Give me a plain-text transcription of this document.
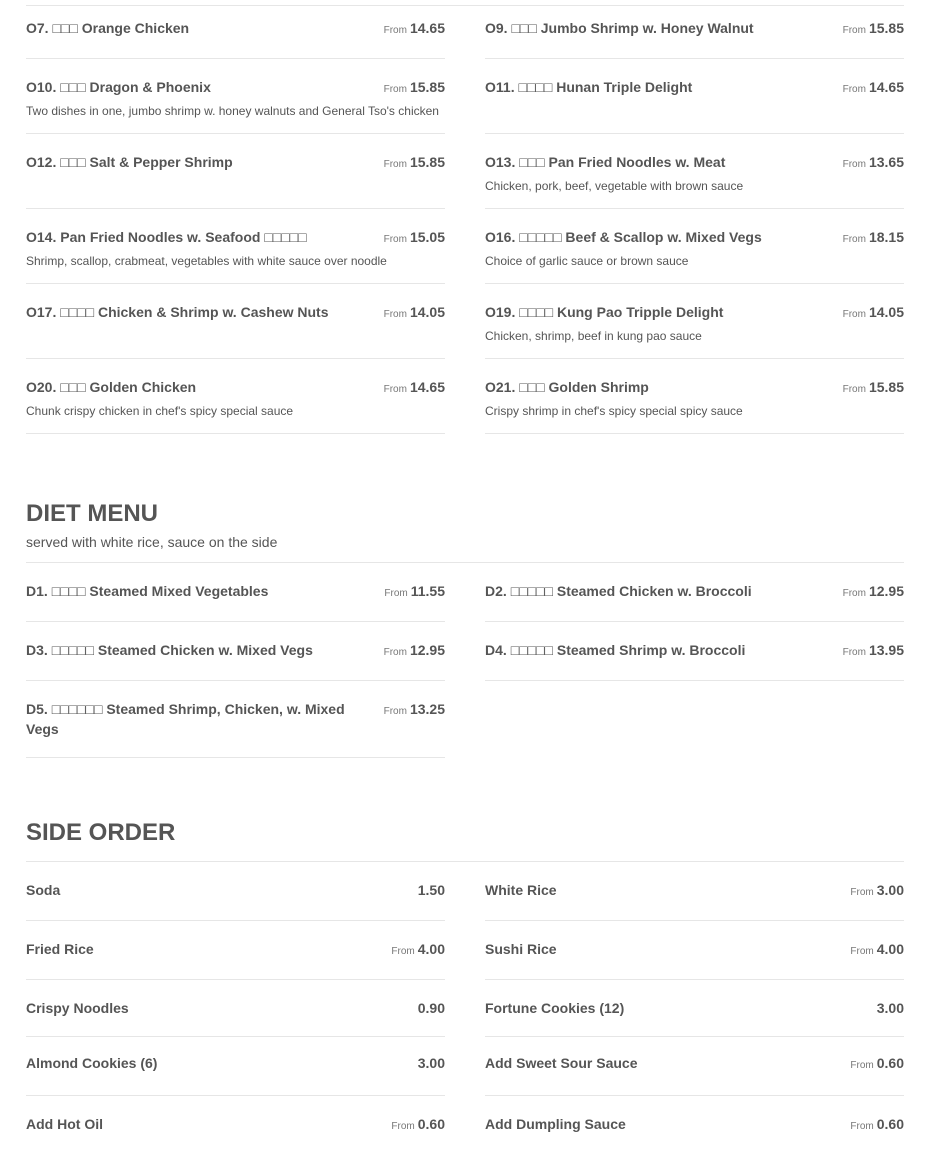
O7. □□□ Orange Chicken	From 14.65	O9. □□□ Jumbo Shrimp w. Honey Walnut	From 15.85
O10. □□□ Dragon & Phoenix	From 15.85
Two dishes in one, jumbo shrimp w. honey walnuts and General Tso's chicken
O11. □□□□ Hunan Triple Delight	From 14.65
O12. □□□ Salt & Pepper Shrimp	From 15.85	O13. □□□ Pan Fried Noodles w. Meat	From 13.65
Chicken, pork, beef, vegetable with brown sauce
O14. Pan Fried Noodles w. Seafood □□□□□	From 15.05
Shrimp, scallop, crabmeat, vegetables with white sauce over noodle
O16. □□□□□ Beef & Scallop w. Mixed Vegs	From 18.15
Choice of garlic sauce or brown sauce
O17. □□□□ Chicken & Shrimp w. Cashew Nuts	From 14.05	O19. □□□□ Kung Pao Tripple Delight	From 14.05
Chicken, shrimp, beef in kung pao sauce
O20. □□□ Golden Chicken	From 14.65
Chunk crispy chicken in chef's spicy special sauce
O21. □□□ Golden Shrimp	From 15.85
Crispy shrimp in chef's spicy special spicy sauce
DIET MENU
served with white rice, sauce on the side
D1. □□□□ Steamed Mixed Vegetables	From 11.55	D2. □□□□□ Steamed Chicken w. Broccoli	From 12.95
D3. □□□□□ Steamed Chicken w. Mixed Vegs	From 12.95	D4. □□□□□ Steamed Shrimp w. Broccoli	From 13.95
D5. □□□□□□ Steamed Shrimp, Chicken, w. Mixed Vegs
From 13.25
SIDE ORDER
Soda	1.50	White Rice	From 3.00
Fried Rice	From 4.00	Sushi Rice	From 4.00
Crispy Noodles	0.90	Fortune Cookies (12)	3.00
Almond Cookies (6)	3.00	Add Sweet Sour Sauce	From 0.60
Add Hot Oil	From 0.60	Add Dumpling Sauce	From 0.60
